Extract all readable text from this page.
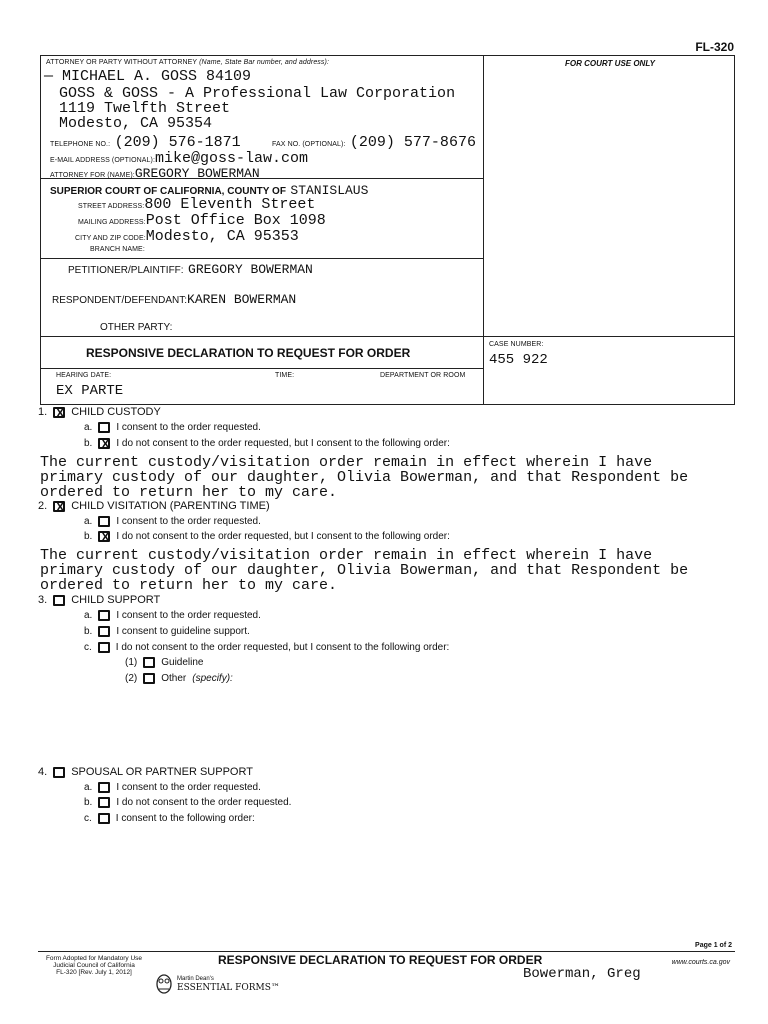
FL-320
ATTORNEY OR PARTY WITHOUT ATTORNEY (Name, State Bar number, and address):
— MICHAEL A. GOSS 84109
GOSS & GOSS - A Professional Law Corporation
1119 Twelfth Street
Modesto, CA 95354
TELEPHONE NO.: (209) 576-1871	FAX NO. (OPTIONAL): (209) 577-8676
E-MAIL ADDRESS (OPTIONAL):mike@goss-law.com
ATTORNEY FOR (NAME):GREGORY BOWERMAN
FOR COURT USE ONLY
SUPERIOR COURT OF CALIFORNIA, COUNTY OF STANISLAUS
STREET ADDRESS:800 Eleventh Street
MAILING ADDRESS:Post Office Box 1098
CITY AND ZIP CODE:Modesto, CA 95353
BRANCH NAME:
PETITIONER/PLAINTIFF: GREGORY BOWERMAN
RESPONDENT/DEFENDANT:KAREN BOWERMAN
OTHER PARTY:
RESPONSIVE DECLARATION TO REQUEST FOR ORDER
CASE NUMBER:
455 922
HEARING DATE:
EX PARTE
TIME:	DEPARTMENT OR ROOM
1. X CHILD CUSTODY
a. I consent to the order requested.
b. X I do not consent to the order requested, but I consent to the following order:
The current custody/visitation order remain in effect wherein I have
primary custody of our daughter, Olivia Bowerman, and that Respondent be
ordered to return her to my care.
2. X CHILD VISITATION (PARENTING TIME)
a. I consent to the order requested.
b. X I do not consent to the order requested, but I consent to the following order:
The current custody/visitation order remain in effect wherein I have
primary custody of our daughter, Olivia Bowerman, and that Respondent be
ordered to return her to my care.
3. CHILD SUPPORT
a. I consent to the order requested.
b. I consent to guideline support.
c. I do not consent to the order requested, but I consent to the following order:
(1) Guideline
(2) Other (specify):
4. SPOUSAL OR PARTNER SUPPORT
a. I consent to the order requested.
b. I do not consent to the order requested.
c. I consent to the following order:
Page 1 of 2
Form Adopted for Mandatory Use
Judicial Council of California
FL-320 [Rev. July 1, 2012]
RESPONSIVE DECLARATION TO REQUEST FOR ORDER	www.courts.ca.gov
Bowerman, Greg
Martin Dean's
ESSENTIAL FORMS™
